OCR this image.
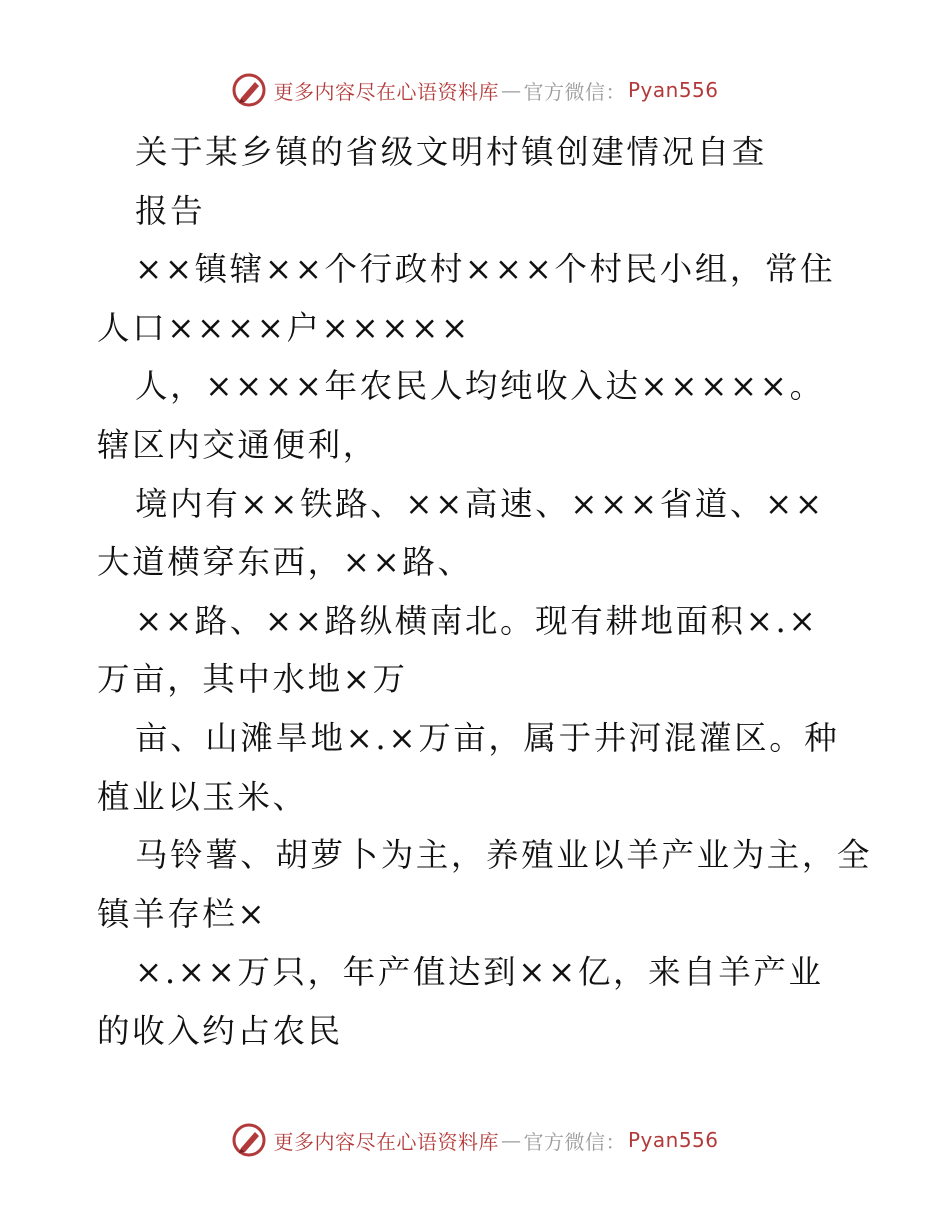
更多内容尽在心语资料库 — 官方微信： Pyan556
关于某乡镇的省级文明村镇创建情况自查
报告
××镇辖××个行政村×××个村民小组，常住
人口××××户×××××
人，××××年农民人均纯收入达×××××。
辖区内交通便利，
境内有××铁路、××高速、×××省道、××
大道横穿东西，××路、
××路、××路纵横南北。现有耕地面积×.×
万亩，其中水地×万
亩、山滩旱地×.×万亩，属于井河混灌区。种
植业以玉米、
马铃薯、胡萝卜为主，养殖业以羊产业为主，全
镇羊存栏×
×.××万只，年产值达到××亿，来自羊产业
的收入约占农民
更多内容尽在心语资料库 — 官方微信： Pyan556
